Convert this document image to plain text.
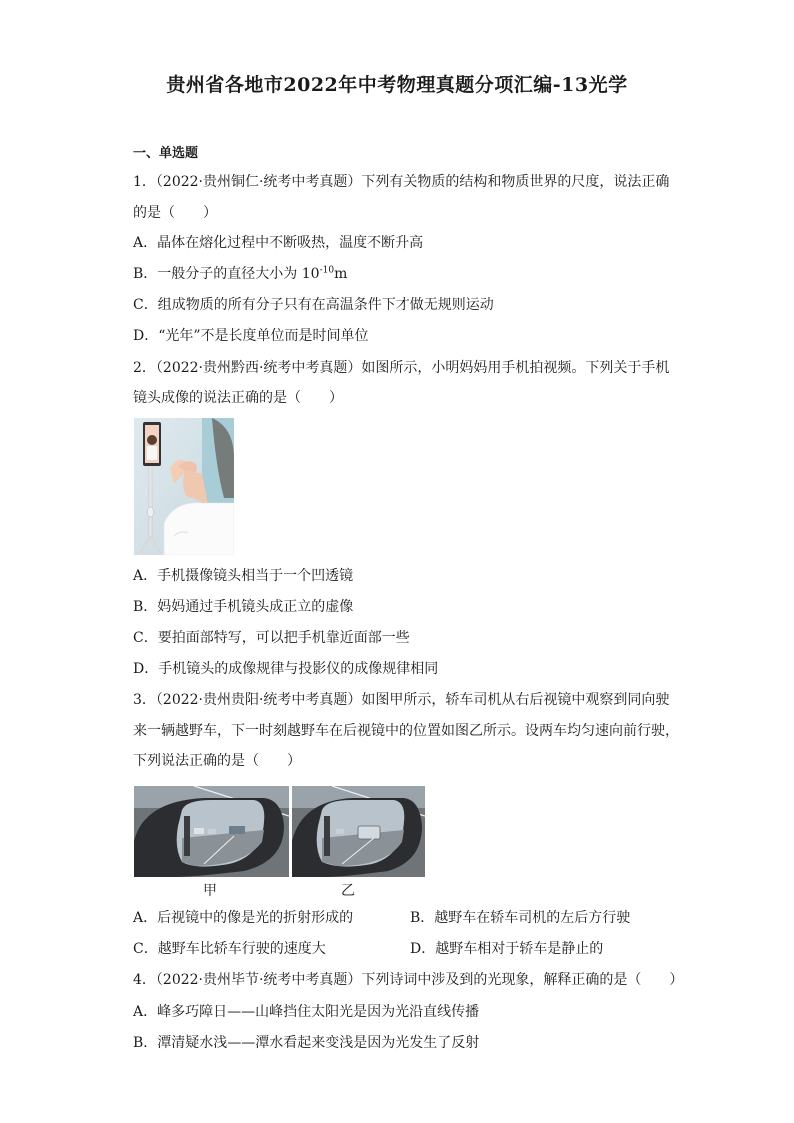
贵州省各地市2022年中考物理真题分项汇编-13光学
一、单选题
1．（2022·贵州铜仁·统考中考真题）下列有关物质的结构和物质世界的尺度，说法正确
的是（　　）
A．晶体在熔化过程中不断吸热，温度不断升高
B．一般分子的直径大小为 $10^{-10}m$
C．组成物质的所有分子只有在高温条件下才做无规则运动
D．“光年”不是长度单位而是时间单位
2．（2022·贵州黔西·统考中考真题）如图所示，小明妈妈用手机拍视频。下列关于手机
镜头成像的说法正确的是（　　）
A．手机摄像镜头相当于一个凹透镜
B．妈妈通过手机镜头成正立的虚像
C．要拍面部特写，可以把手机靠近面部一些
D．手机镜头的成像规律与投影仪的成像规律相同
3．（2022·贵州贵阳·统考中考真题）如图甲所示，轿车司机从右后视镜中观察到同向驶
来一辆越野车，下一时刻越野车在后视镜中的位置如图乙所示。设两车均匀速向前行驶，
下列说法正确的是（　　）
甲	乙
A．后视镜中的像是光的折射形成的	B．越野车在轿车司机的左后方行驶
C．越野车比轿车行驶的速度大	D．越野车相对于轿车是静止的
4．（2022·贵州毕节·统考中考真题）下列诗词中涉及到的光现象，解释正确的是（　　）
A．峰多巧障日——山峰挡住太阳光是因为光沿直线传播
B．潭清疑水浅——潭水看起来变浅是因为光发生了反射
